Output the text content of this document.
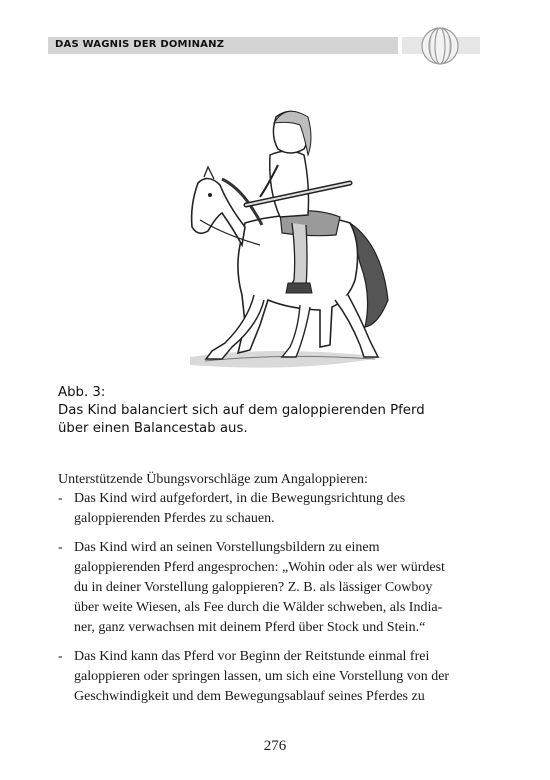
DAS WAGNIS DER DOMINANZ
Abb. 3:
Das Kind balanciert sich auf dem galoppierenden Pferd
über einen Balancestab aus.
Unterstützende Übungsvorschläge zum Angaloppieren:
- Das Kind wird aufgefordert, in die Bewegungsrichtung des
galoppierenden Pferdes zu schauen.
- Das Kind wird an seinen Vorstellungsbildern zu einem
galoppierenden Pferd angesprochen: „Wohin oder als wer würdest
du in deiner Vorstellung galoppieren? Z. B. als lässiger Cowboy
über weite Wiesen, als Fee durch die Wälder schweben, als India-
ner, ganz verwachsen mit deinem Pferd über Stock und Stein.“
- Das Kind kann das Pferd vor Beginn der Reitstunde einmal frei
galoppieren oder springen lassen, um sich eine Vorstellung von der
Geschwindigkeit und dem Bewegungsablauf seines Pferdes zu
276
